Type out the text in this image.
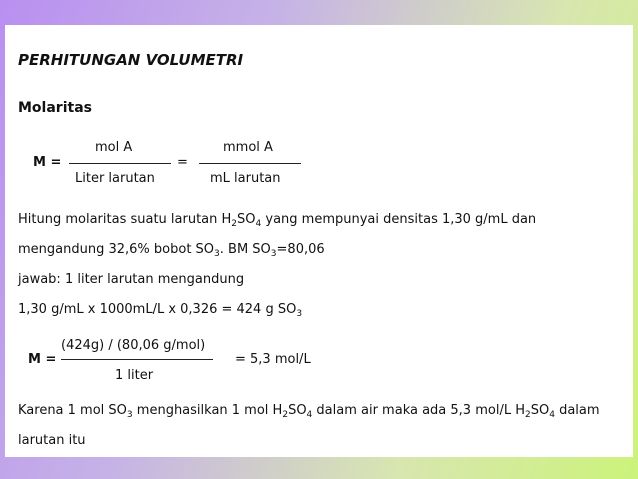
PERHITUNGAN VOLUMETRI
Molaritas
M =
mol A
Liter larutan
=
mmol A
mL larutan
Hitung molaritas suatu larutan $H_2SO_4$ yang mempunyai densitas 1,30 g/mL dan
mengandung 32,6% bobot $SO_3$. BM $SO_3=80,06$
jawab: 1 liter larutan mengandung
1,30 g/mL x 1000mL/L x 0,326 = 424 g $SO_3$
M =
(424g) / (80,06 g/mol)
1 liter
= 5,3 mol/L
Karena 1 mol $SO_3$ menghasilkan 1 mol $H_2SO_4$ dalam air maka ada 5,3 mol/L $H_2SO_4$ dalam
larutan itu
